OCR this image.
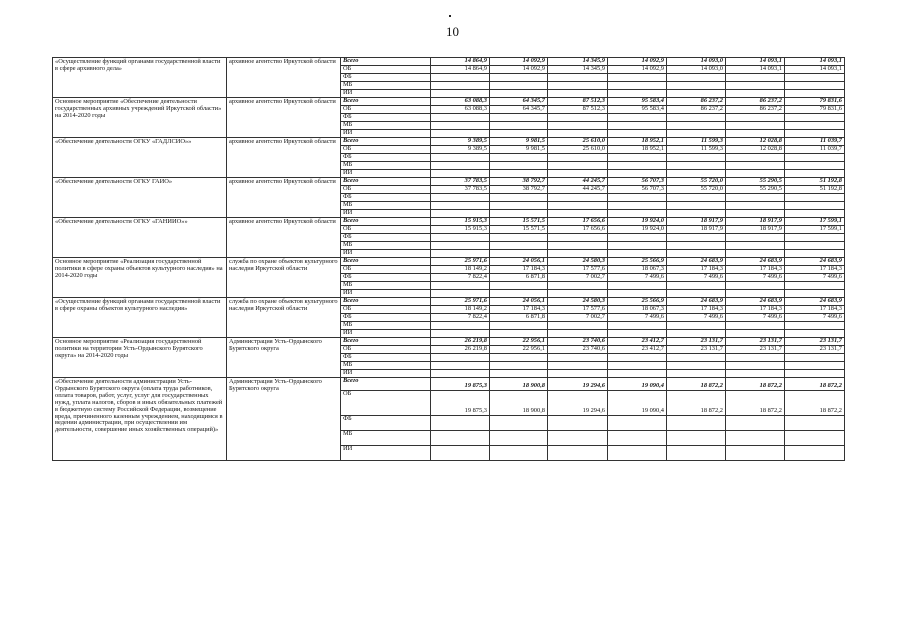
10
«Осуществление функций органами государственной власти в сфере архивного дела»	архивное агентство Иркутской области	Всего	14 864,9	14 092,9	14 345,9	14 092,9	14 093,0	14 093,1	14 093,1
		ОБ	14 864,9	14 092,9	14 345,9	14 092,9	14 093,0	14 093,1	14 093,1
		ФБ							
		МБ							
		ИИ							
Основное мероприятие «Обеспечение деятельности государственных архивных учреждений Иркутской области» на 2014-2020 годы	архивное агентство Иркутской области	Всего	63 088,3	64 345,7	87 512,3	95 583,4	86 237,2	86 237,2	79 831,6
		ОБ	63 088,3	64 345,7	87 512,3	95 583,4	86 237,2	86 237,2	79 831,6
		ФБ							
		МБ							
		ИИ							
«Обеспечение деятельности ОГКУ «ГАДЛСИО»»	архивное агентство Иркутской области	Всего	9 389,5	9 981,5	25 610,0	18 952,1	11 599,3	12 028,8	11 039,7
		ОБ	9 389,5	9 981,5	25 610,0	18 952,1	11 599,3	12 028,8	11 039,7
		ФБ							
		МБ							
		ИИ							
«Обеспечение деятельности ОГКУ ГАИО»	архивное агентство Иркутской области	Всего	37 783,5	38 792,7	44 245,7	56 707,3	55 720,0	55 290,5	51 192,8
		ОБ	37 783,5	38 792,7	44 245,7	56 707,3	55 720,0	55 290,5	51 192,8
		ФБ							
		МБ							
		ИИ							
«Обеспечение деятельности ОГКУ «ГАНИИО»»	архивное агентство Иркутской области	Всего	15 915,3	15 571,5	17 656,6	19 924,0	18 917,9	18 917,9	17 599,1
		ОБ	15 915,3	15 571,5	17 656,6	19 924,0	18 917,9	18 917,9	17 599,1
		ФБ							
		МБ							
		ИИ							
Основное мероприятие «Реализация государственной политики в сфере охраны объектов культурного наследия» на 2014-2020 годы	служба по охране объектов культурного наследия Иркутской области	Всего	25 971,6	24 056,1	24 580,3	25 566,9	24 683,9	24 683,9	24 683,9
		ОБ	18 149,2	17 184,3	17 577,6	18 067,3	17 184,3	17 184,3	17 184,3
		ФБ	7 822,4	6 871,8	7 002,7	7 499,6	7 499,6	7 499,6	7 499,6
		МБ							
		ИИ							
«Осуществление функций органами государственной власти в сфере охраны объектов культурного наследия»	служба по охране объектов культурного наследия Иркутской области	Всего	25 971,6	24 056,1	24 580,3	25 566,9	24 683,9	24 683,9	24 683,9
		ОБ	18 149,2	17 184,3	17 577,6	18 067,3	17 184,3	17 184,3	17 184,3
		ФБ	7 822,4	6 871,8	7 002,7	7 499,6	7 499,6	7 499,6	7 499,6
		МБ							
		ИИ							
Основное мероприятие «Реализация государственной политики на территории Усть-Ордынского Бурятского округа» на 2014-2020 годы	Администрация Усть-Ордынского Бурятского округа	Всего	26 219,8	22 956,1	23 740,6	23 412,7	23 131,7	23 131,7	23 131,7
		ОБ	26 219,8	22 956,1	23 740,6	23 412,7	23 131,7	23 131,7	23 131,7
		ФБ							
		МБ							
		ИИ							
«Обеспечение деятельности администрации Усть-Ордынского Бурятского округа (оплата труда работников, оплата товаров, работ, услуг, услуг для государственных нужд, уплата налогов, сборов и иных обязательных платежей в бюджетную систему Российской Федерации, возмещение вреда, причиненного казенным учреждением, находящимся в ведении администрации, при осуществлении им деятельности, совершение иных хозяйственных операций)»	Администрация Усть-Ордынского Бурятского округа	Всего	19 875,3	18 900,8	19 294,6	19 090,4	18 872,2	18 872,2	18 872,2
		ОБ	19 875,3	18 900,8	19 294,6	19 090,4	18 872,2	18 872,2	18 872,2
		ФБ							
		МБ							
		ИИ							
